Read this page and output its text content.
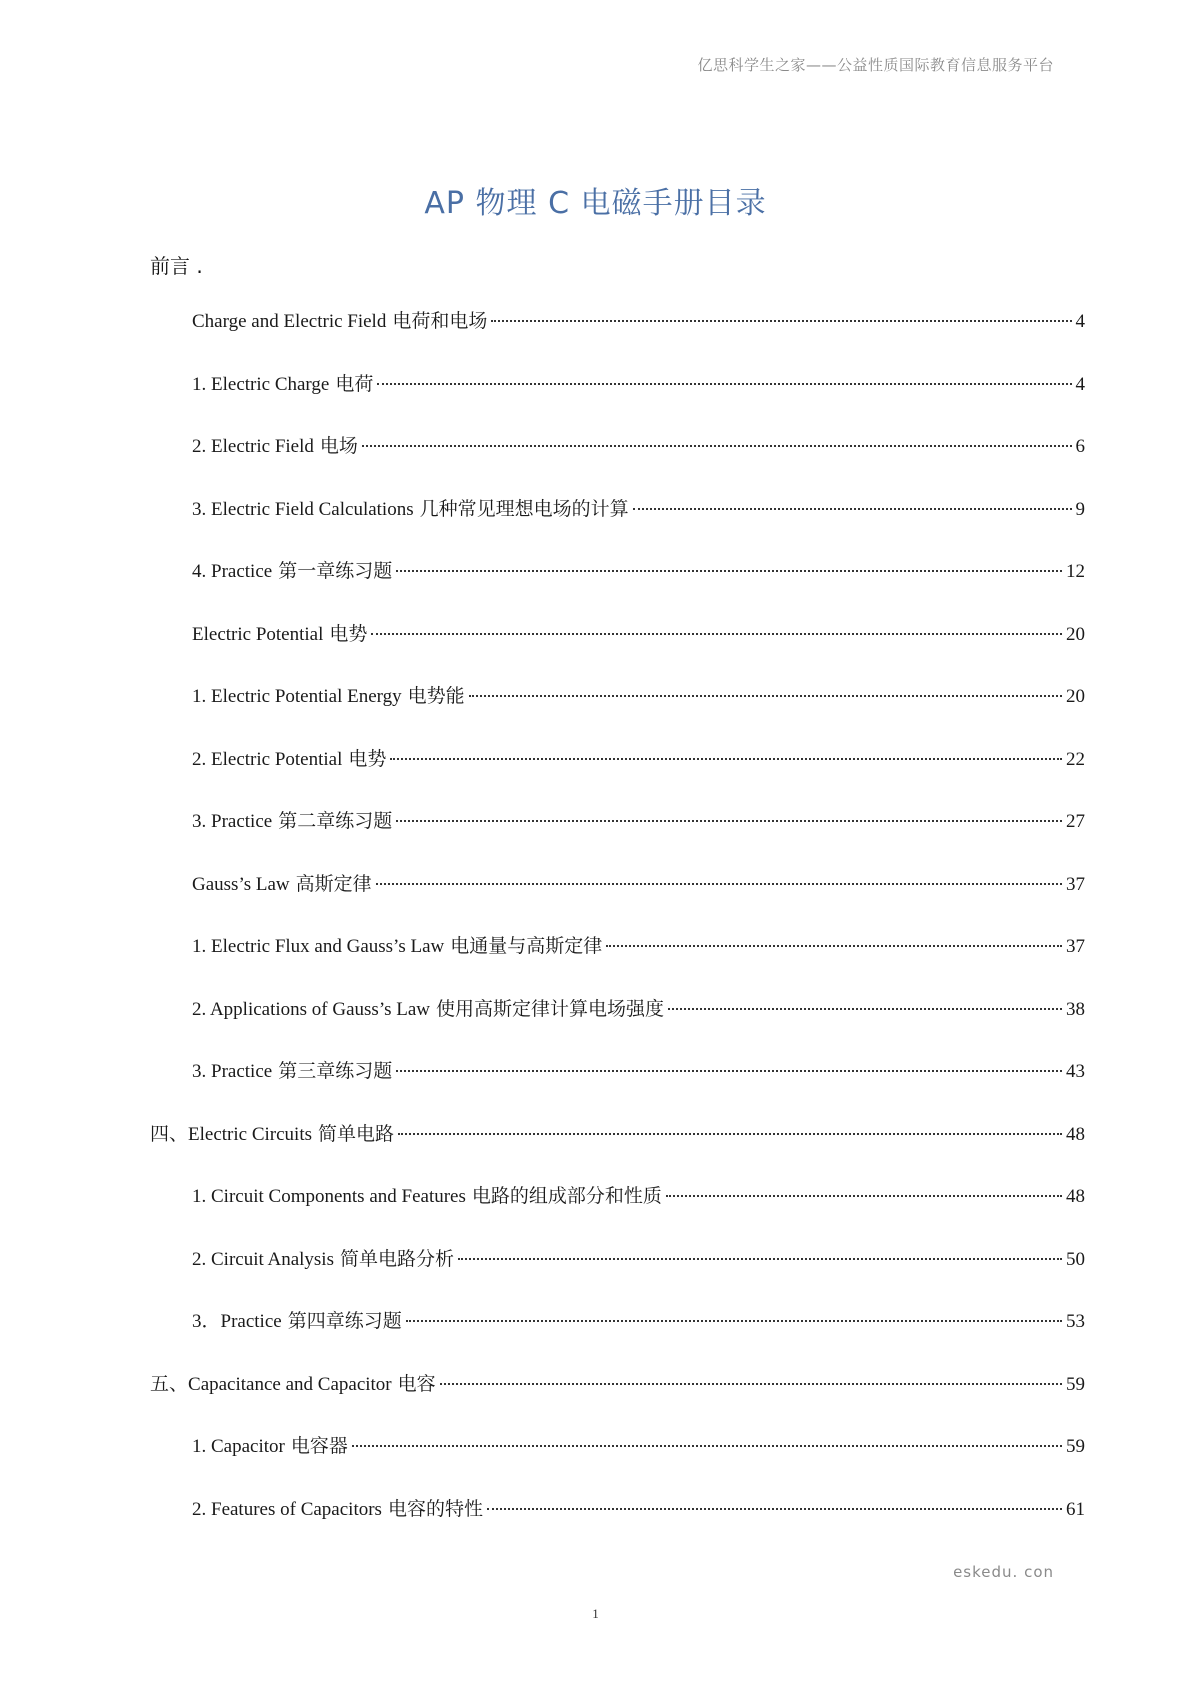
亿思科学生之家——公益性质国际教育信息服务平台
AP 物理 C 电磁手册目录
前言 .
Charge and Electric Field 电荷和电场	4
1. Electric Charge 电荷	4
2. Electric Field 电场	6
3. Electric Field Calculations 几种常见理想电场的计算	9
4. Practice 第一章练习题	12
Electric Potential 电势	20
1. Electric Potential Energy 电势能	20
2. Electric Potential 电势	22
3. Practice 第二章练习题	27
Gauss’s Law 高斯定律	37
1. Electric Flux and Gauss’s Law 电通量与高斯定律	37
2. Applications of Gauss’s Law 使用高斯定律计算电场强度	38
3. Practice 第三章练习题	43
四、Electric Circuits 简单电路	48
1. Circuit Components and Features 电路的组成部分和性质	48
2. Circuit Analysis 简单电路分析	50
3．Practice 第四章练习题	53
五、Capacitance and Capacitor 电容	59
1. Capacitor 电容器	59
2. Features of Capacitors 电容的特性	61
eskedu. con
1
